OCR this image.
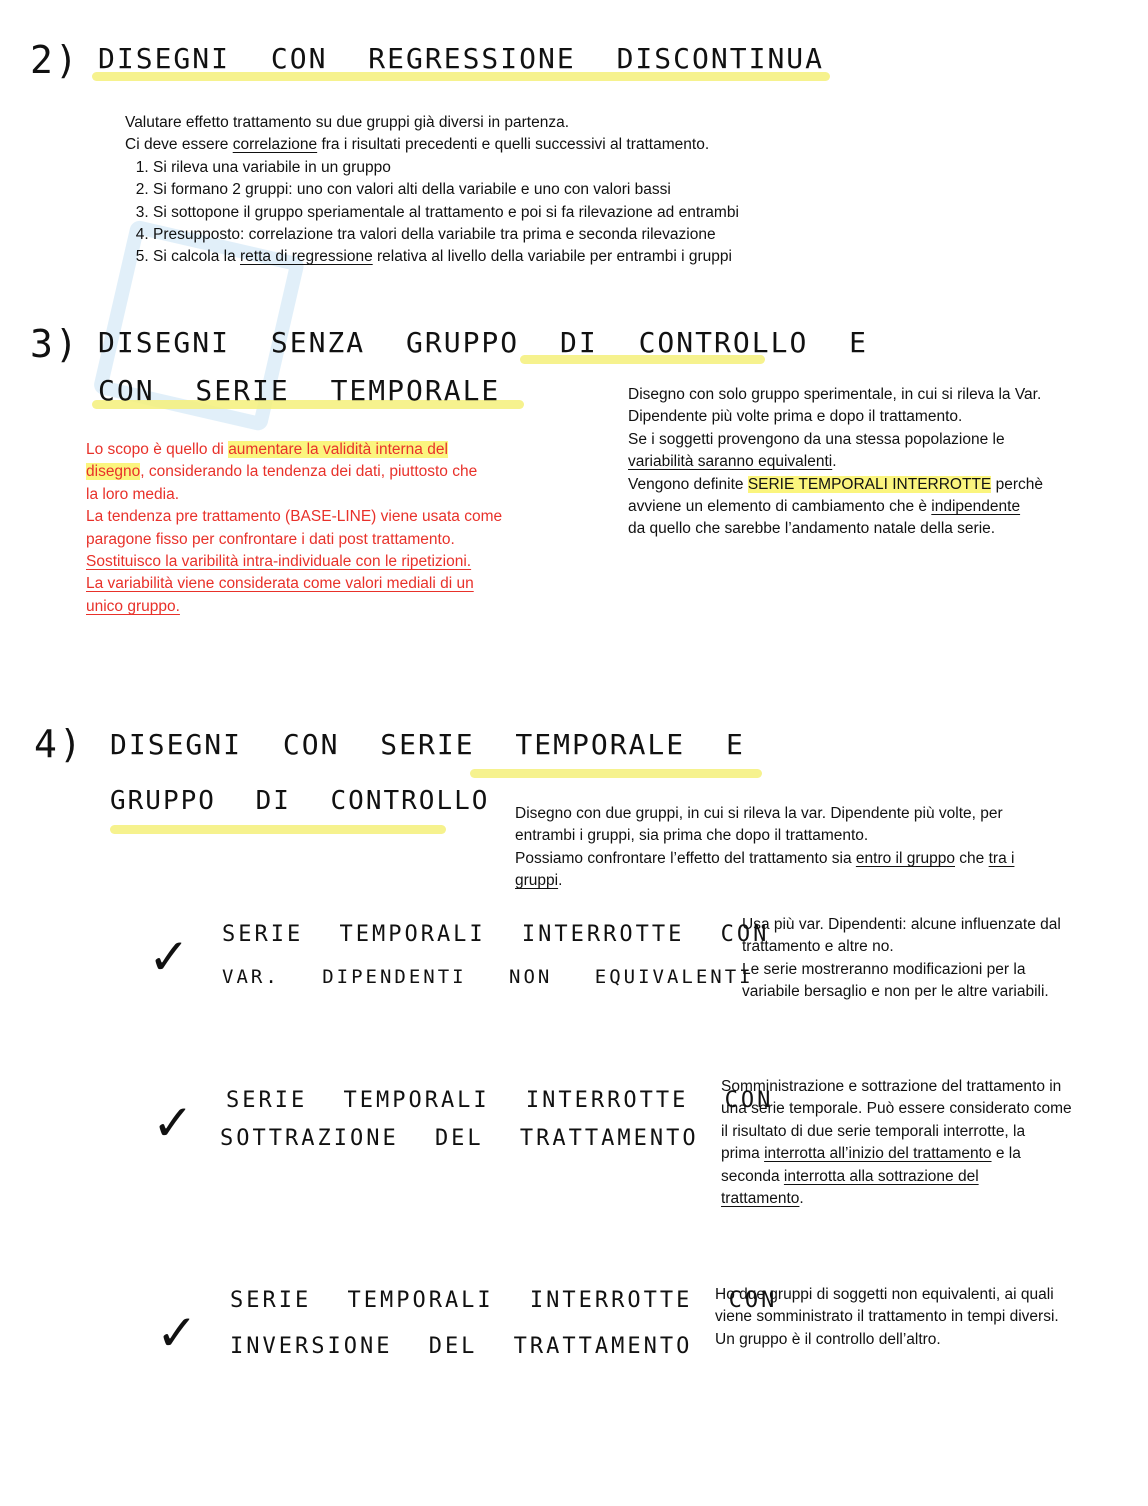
2) DISEGNI CON REGRESSIONE DISCONTINUA

Valutare effetto trattamento su due gruppi già diversi in partenza.

Ci deve essere correlazione fra i risultati precedenti e quelli successivi al trattamento.

1. Si rileva una variabile in un gruppo
2. Si formano 2 gruppi: uno con valori alti della variabile e uno con valori bassi
3. Si sottopone il gruppo speriamentale al trattamento e poi si fa rilevazione ad entrambi
4. Presupposto: correlazione tra valori della variabile tra prima e seconda rilevazione
5. Si calcola la retta di regressione relativa al livello della variabile per entrambi i gruppi
3) DISEGNI SENZA GRUPPO DI CONTROLLO E
CON SERIE TEMPORALE

Lo scopo è quello di aumentare la validità interna del

disegno, considerando la tendenza dei dati, piuttosto che

la loro media.

La tendenza pre trattamento (BASE-LINE) viene usata come

paragone fisso per confrontare i dati post trattamento.

Sostituisco la varibilità intra-individuale con le ripetizioni.

La variabilità viene considerata come valori mediali di un

unico gruppo.

Disegno con solo gruppo sperimentale, in cui si rileva la Var.

Dipendente più volte prima e dopo il trattamento.

Se i soggetti provengono da una stessa popolazione le

variabilità saranno equivalenti.

Vengono definite SERIE TEMPORALI INTERROTTE perchè

avviene un elemento di cambiamento che è indipendente

da quello che sarebbe l’andamento natale della serie.

4) DISEGNI CON SERIE TEMPORALE E
GRUPPO DI CONTROLLO Disegno con due gruppi, in cui si rileva la var. Dipendente più volte, per

entrambi i gruppi, sia prima che dopo il trattamento.

Possiamo confrontare l’effetto del trattamento sia entro il gruppo che tra i

gruppi.

✓ SERIE TEMPORALI INTERROTTE CON
VAR. DIPENDENTI NON EQUIVALENTI

Usa più var. Dipendenti: alcune influenzate dal

trattamento e altre no.

Le serie mostreranno modificazioni per la

variabile bersaglio e non per le altre variabili.

✓ SERIE TEMPORALI INTERROTTE CON
SOTTRAZIONE DEL TRATTAMENTO

Somministrazione e sottrazione del trattamento in

una serie temporale. Può essere considerato come

il risultato di due serie temporali interrotte, la

prima interrotta all’inizio del trattamento e la

seconda interrotta alla sottrazione del

trattamento.

✓
SERIE TEMPORALI INTERROTTE CON
INVERSIONE DEL TRATTAMENTO

Ho due gruppi di soggetti non equivalenti, ai quali

viene somministrato il trattamento in tempi diversi.

Un gruppo è il controllo dell’altro.
